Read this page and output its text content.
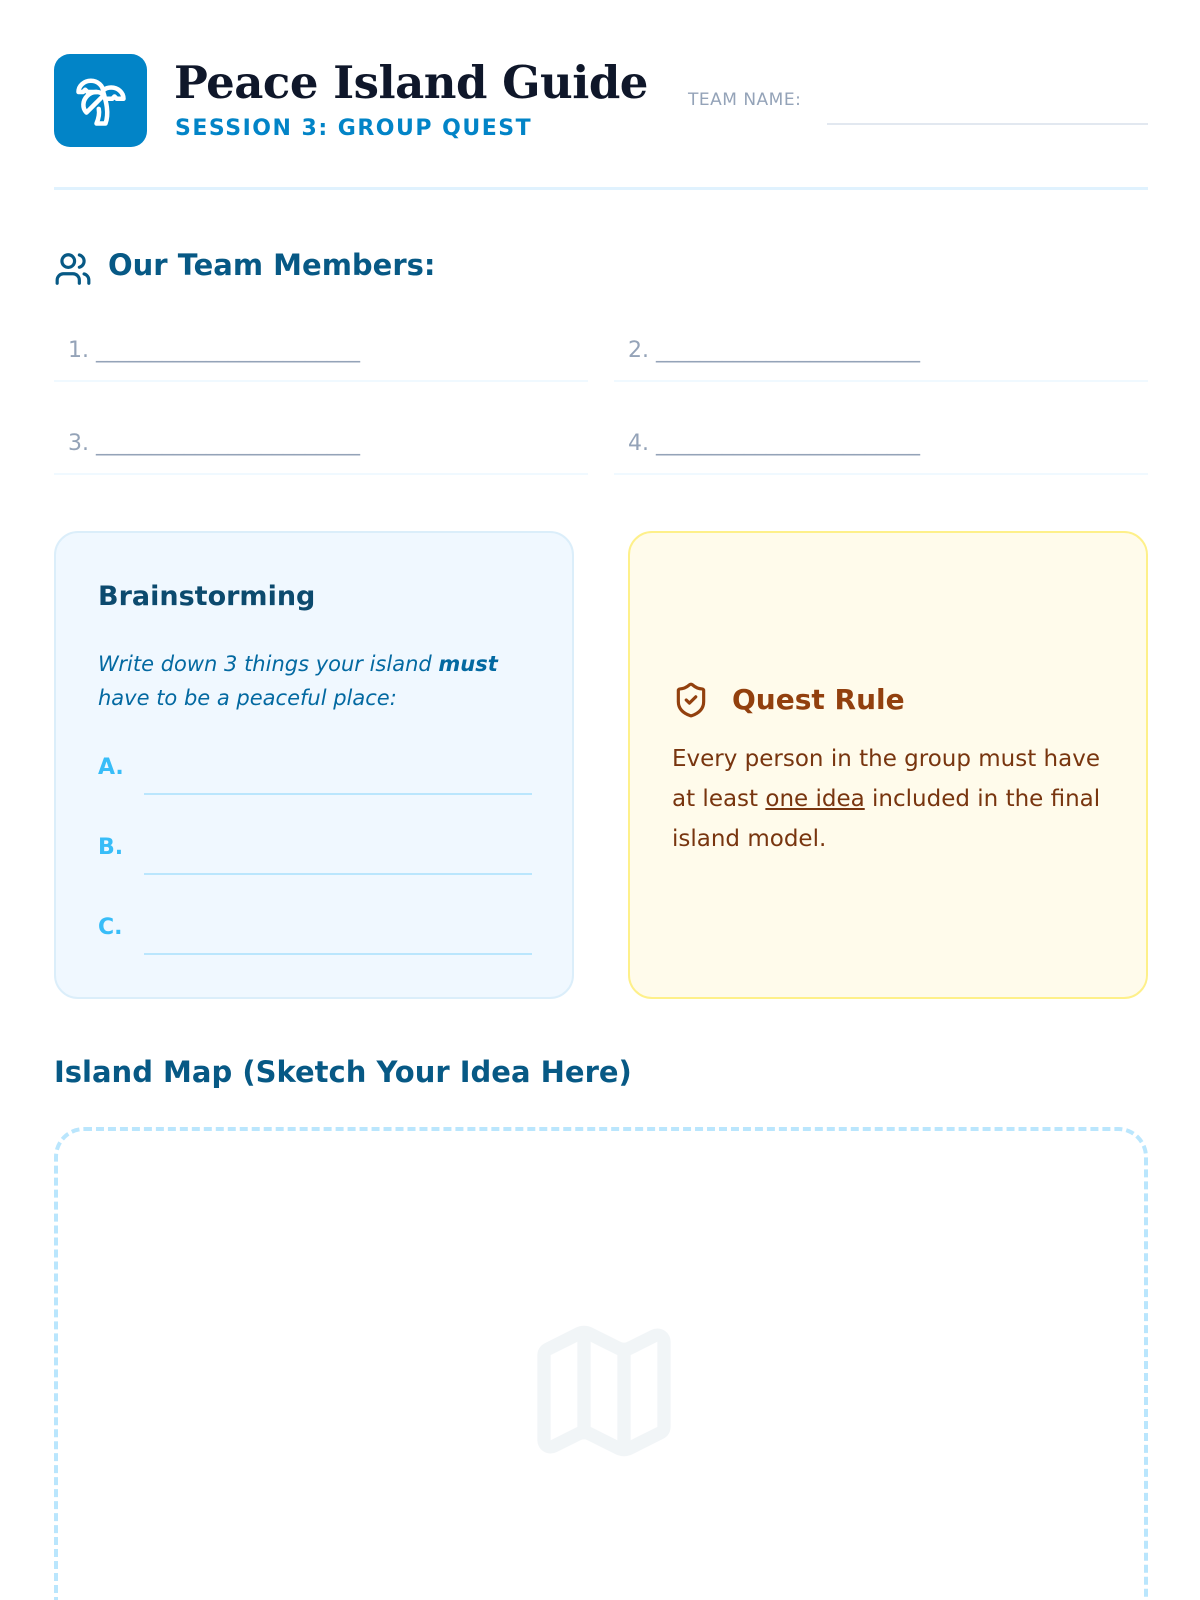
Peace Island Guide
SESSION 3: GROUP QUEST
TEAM NAME:
Our Team Members:
1. ________________________	2. ________________________
3. ________________________	4. ________________________
Brainstorming
Write down 3 things your island must have to be a peaceful place:
A.
B.
C.
Quest Rule
Every person in the group must have at least one idea included in the final island model.
Island Map (Sketch Your Idea Here)
